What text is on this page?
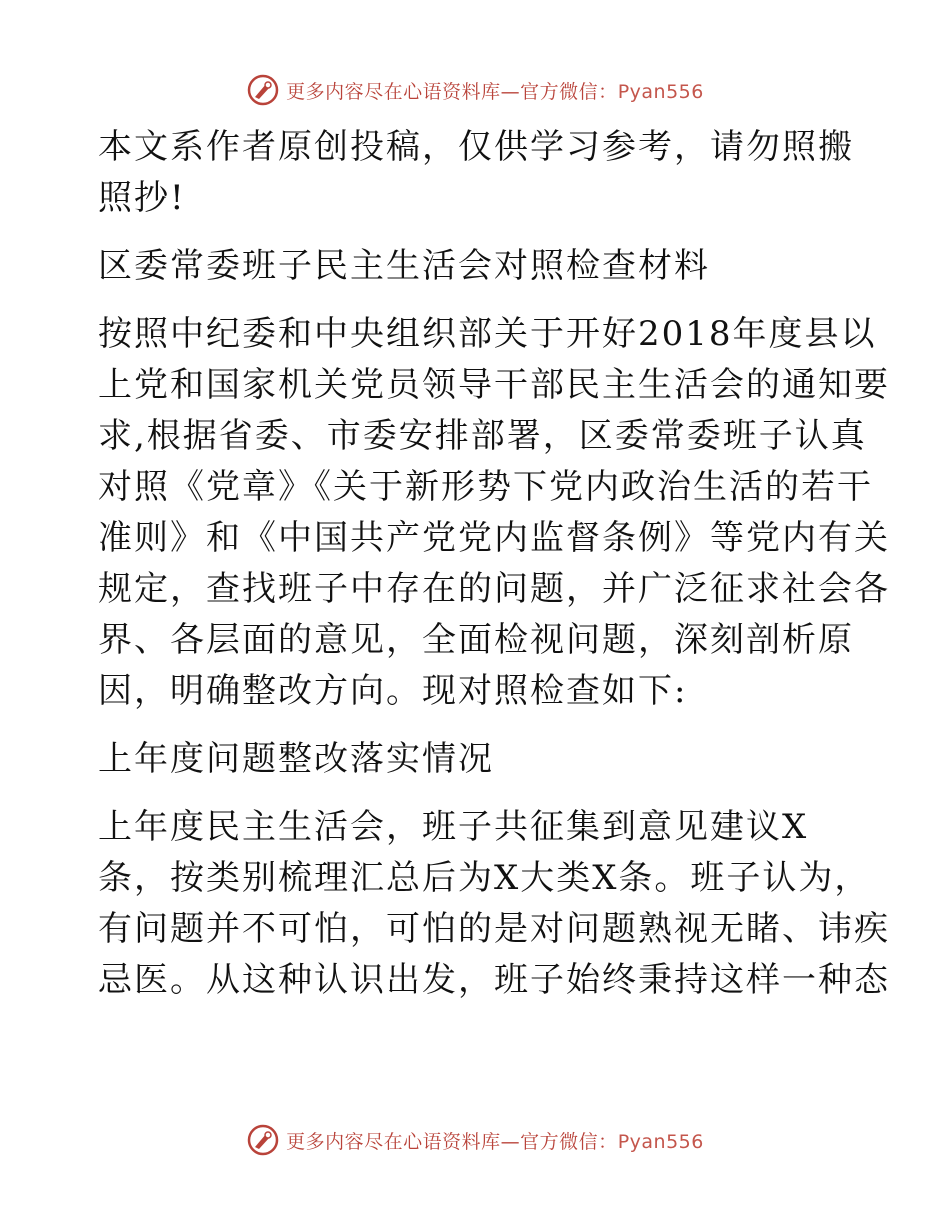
更多内容尽在心语资料库—官方微信：Pyan556

本文系作者原创投稿，仅供学习参考，请勿照搬
照抄!

区委常委班子民主生活会对照检查材料

按照中纪委和中央组织部关于开好2018年度县以
上党和国家机关党员领导干部民主生活会的通知要
求,根据省委、市委安排部署，区委常委班子认真
对照《党章》《关于新形势下党内政治生活的若干
准则》和《中国共产党党内监督条例》等党内有关
规定，查找班子中存在的问题，并广泛征求社会各
界、各层面的意见，全面检视问题，深刻剖析原
因，明确整改方向。现对照检查如下:

上年度问题整改落实情况

上年度民主生活会，班子共征集到意见建议X
条，按类别梳理汇总后为X大类X条。班子认为，
有问题并不可怕，可怕的是对问题熟视无睹、讳疾
忌医。从这种认识出发，班子始终秉持这样一种态

更多内容尽在心语资料库—官方微信：Pyan556
